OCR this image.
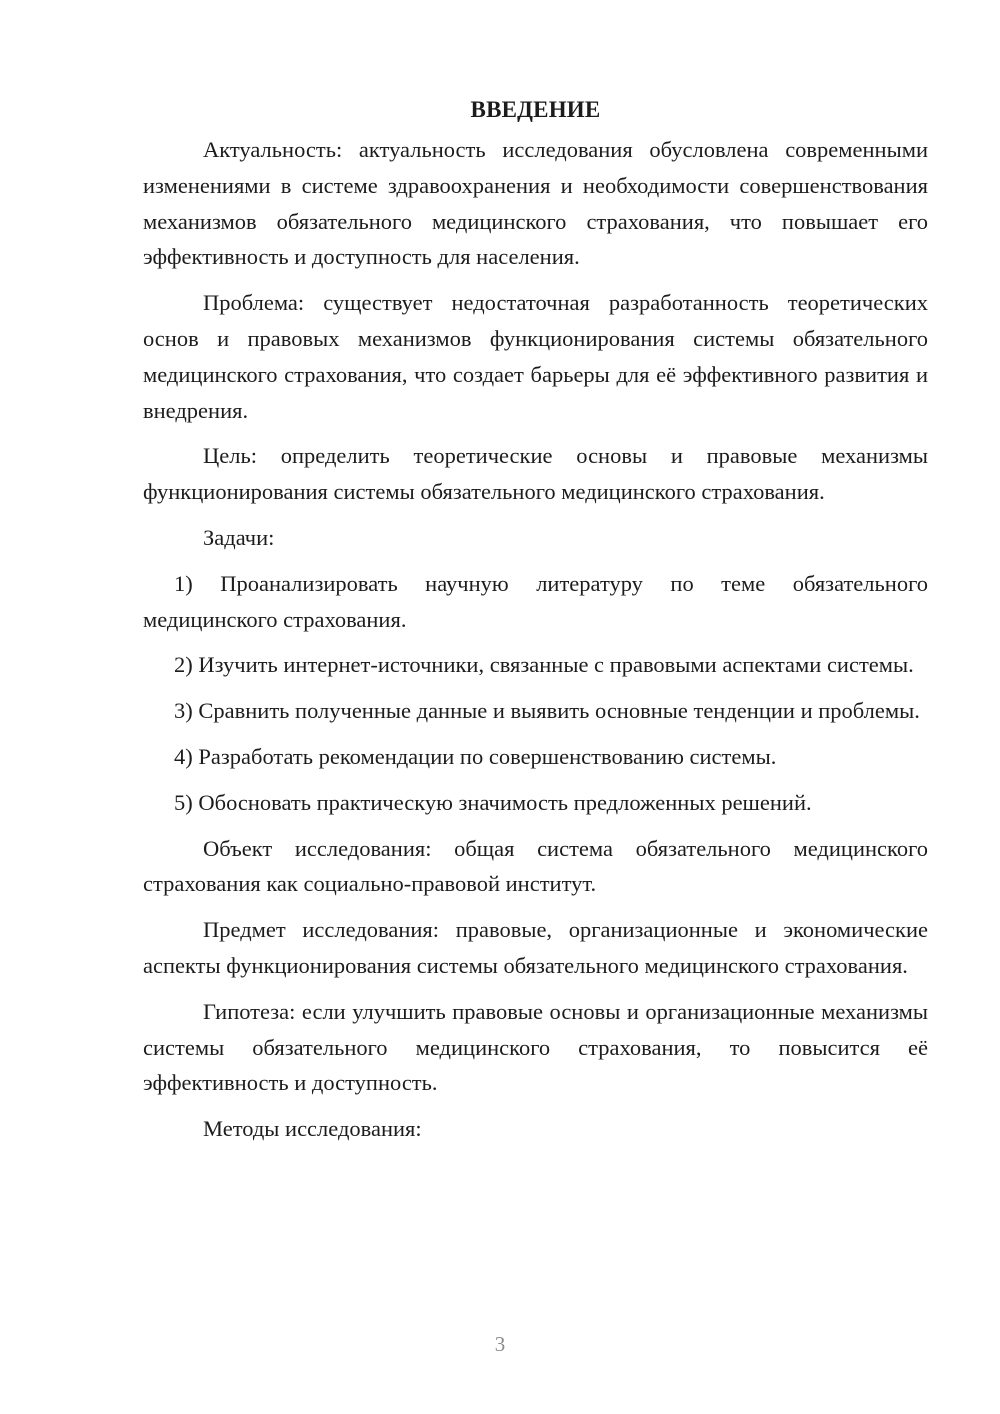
ВВЕДЕНИЕ

Актуальность: актуальность исследования обусловлена современными изменениями в системе здравоохранения и необходимости совершенствования механизмов обязательного медицинского страхования, что повышает его эффективность и доступность для населения.

Проблема: существует недостаточная разработанность теоретических основ и правовых механизмов функционирования системы обязательного медицинского страхования, что создает барьеры для её эффективного развития и внедрения.

Цель: определить теоретические основы и правовые механизмы функционирования системы обязательного медицинского страхования.

Задачи:

1) Проанализировать научную литературу по теме обязательного медицинского страхования.

2) Изучить интернет-источники, связанные с правовыми аспектами системы.

3) Сравнить полученные данные и выявить основные тенденции и проблемы.

4) Разработать рекомендации по совершенствованию системы.

5) Обосновать практическую значимость предложенных решений.

Объект исследования: общая система обязательного медицинского страхования как социально-правовой институт.

Предмет исследования: правовые, организационные и экономические аспекты функционирования системы обязательного медицинского страхования.

Гипотеза: если улучшить правовые основы и организационные механизмы системы обязательного медицинского страхования, то повысится её эффективность и доступность.

Методы исследования:

3
